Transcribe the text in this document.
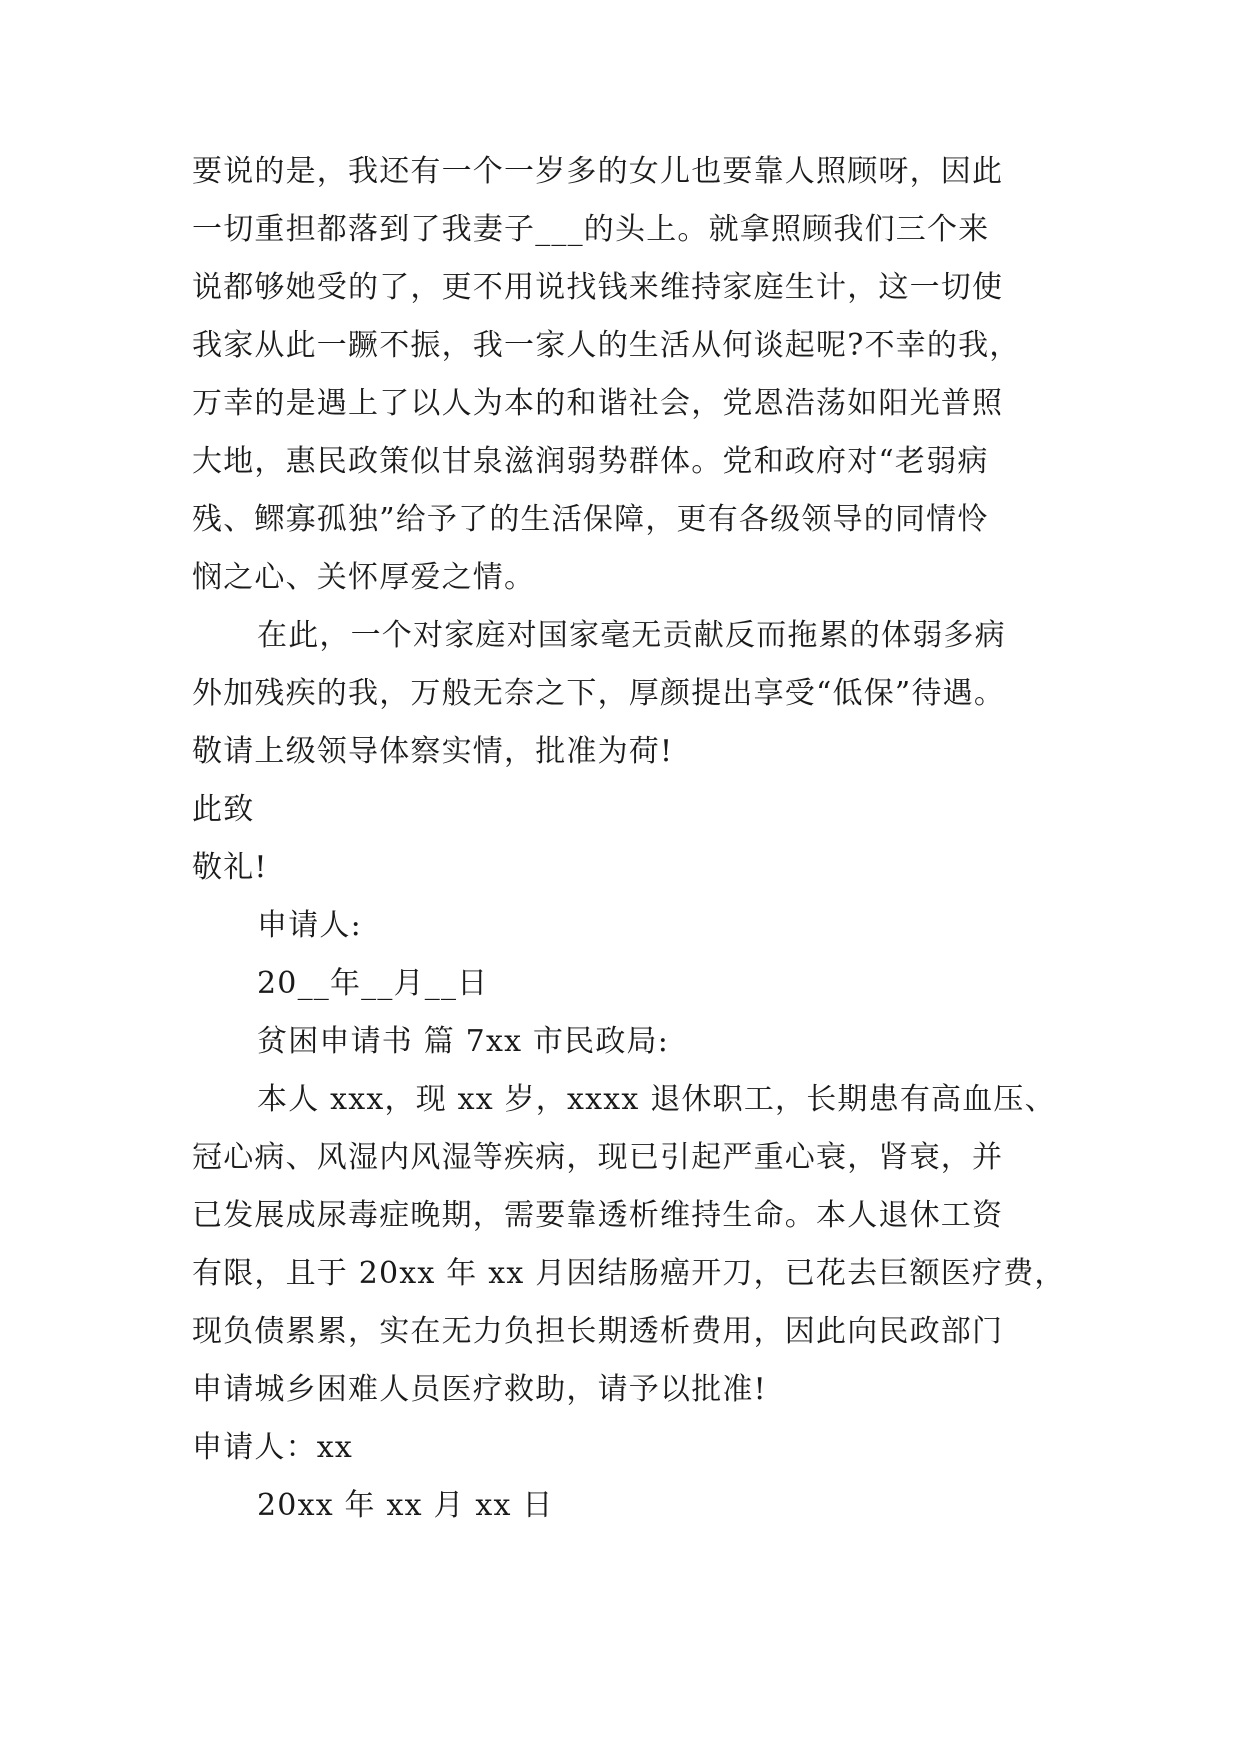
要说的是，我还有一个一岁多的女儿也要靠人照顾呀，因此
一切重担都落到了我妻子___的头上。就拿照顾我们三个来
说都够她受的了，更不用说找钱来维持家庭生计，这一切使
我家从此一蹶不振，我一家人的生活从何谈起呢?不幸的我，
万幸的是遇上了以人为本的和谐社会，党恩浩荡如阳光普照
大地，惠民政策似甘泉滋润弱势群体。党和政府对“老弱病
残、鳏寡孤独”给予了的生活保障，更有各级领导的同情怜
悯之心、关怀厚爱之情。
在此，一个对家庭对国家毫无贡献反而拖累的体弱多病
外加残疾的我，万般无奈之下，厚颜提出享受“低保”待遇。
敬请上级领导体察实情，批准为荷!
此致
敬礼!
申请人:
20__年__月__日
贫困申请书 篇 7xx 市民政局:
本人 xxx，现 xx 岁，xxxx 退休职工，长期患有高血压、
冠心病、风湿内风湿等疾病，现已引起严重心衰，肾衰，并
已发展成尿毒症晚期，需要靠透析维持生命。本人退休工资
有限，且于 20xx 年 xx 月因结肠癌开刀，已花去巨额医疗费，
现负债累累，实在无力负担长期透析费用，因此向民政部门
申请城乡困难人员医疗救助，请予以批准!
申请人：xx
20xx 年 xx 月 xx 日
